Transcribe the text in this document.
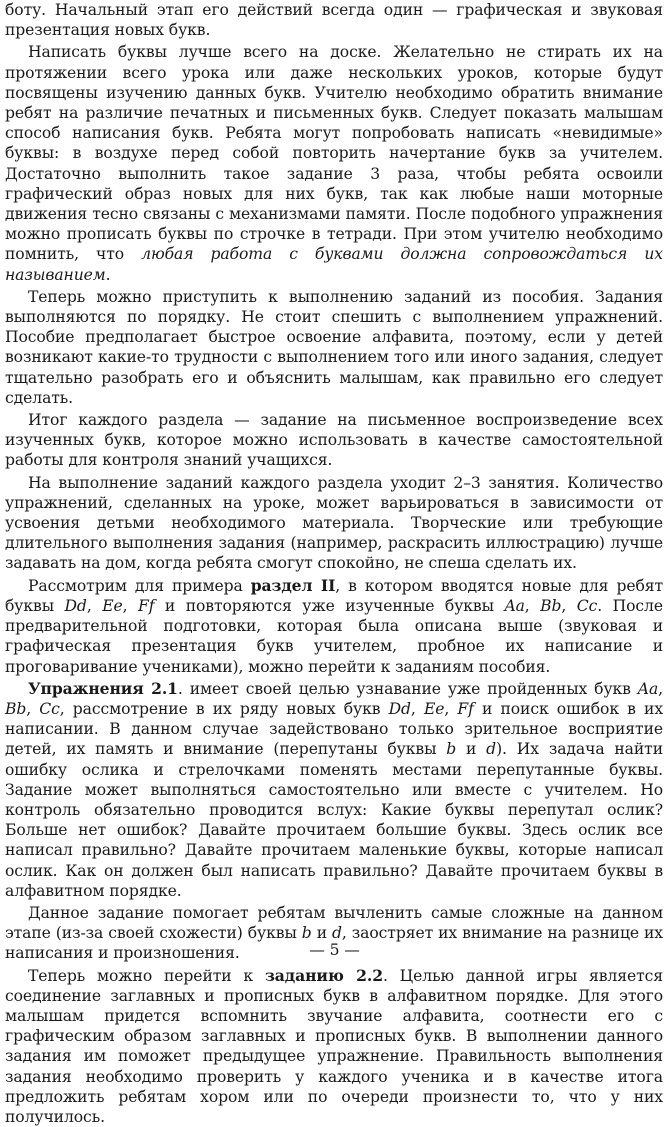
боту. Начальный этап его действий всегда один — графическая и звуковая презентация новых букв.

Написать буквы лучше всего на доске. Желательно не стирать их на протяжении всего урока или даже нескольких уроков, которые будут посвящены изучению данных букв. Учителю необходимо обратить внимание ребят на различие печатных и письменных букв. Следует показать малышам способ написания букв. Ребята могут попробовать написать «невидимые» буквы: в воздухе перед собой повторить начертание букв за учителем. Достаточно выполнить такое задание 3 раза, чтобы ребята освоили графический образ новых для них букв, так как любые наши моторные движения тесно связаны с механизмами памяти. После подобного упражнения можно прописать буквы по строчке в тетради. При этом учителю необходимо помнить, что любая работа с буквами должна сопровождаться их называнием.

Теперь можно приступить к выполнению заданий из пособия. Задания выполняются по порядку. Не стоит спешить с выполнением упражнений. Пособие предполагает быстрое освоение алфавита, поэтому, если у детей возникают какие-то трудности с выполнением того или иного задания, следует тщательно разобрать его и объяснить малышам, как правильно его следует сделать.

Итог каждого раздела — задание на письменное воспроизведение всех изученных букв, которое можно использовать в качестве самостоятельной работы для контроля знаний учащихся.

На выполнение заданий каждого раздела уходит 2–3 занятия. Количество упражнений, сделанных на уроке, может варьироваться в зависимости от усвоения детьми необходимого материала. Творческие или требующие длительного выполнения задания (например, раскрасить иллюстрацию) лучше задавать на дом, когда ребята смогут спокойно, не спеша сделать их.

Рассмотрим для примера раздел II, в котором вводятся новые для ребят буквы Dd, Ee, Ff и повторяются уже изученные буквы Aa, Bb, Cc. После предварительной подготовки, которая была описана выше (звуковая и графическая презентация букв учителем, пробное их написание и проговаривание учениками), можно перейти к заданиям пособия.

Упражнения 2.1. имеет своей целью узнавание уже пройденных букв Aa, Bb, Cc, рассмотрение в их ряду новых букв Dd, Ee, Ff и поиск ошибок в их написании. В данном случае задействовано только зрительное восприятие детей, их память и внимание (перепутаны буквы b и d). Их задача найти ошибку ослика и стрелочками поменять местами перепутанные буквы. Задание может выполняться самостоятельно или вместе с учителем. Но контроль обязательно проводится вслух: Какие буквы перепутал ослик? Больше нет ошибок? Давайте прочитаем большие буквы. Здесь ослик все написал правильно? Давайте прочитаем маленькие буквы, которые написал ослик. Как он должен был написать правильно? Давайте прочитаем буквы в алфавитном порядке.

Данное задание помогает ребятам вычленить самые сложные на данном этапе (из-за своей схожести) буквы b и d, заостряет их внимание на разнице их написания и произношения.

Теперь можно перейти к заданию 2.2. Целью данной игры является соединение заглавных и прописных букв в алфавитном порядке. Для этого малышам придется вспомнить звучание алфавита, соотнести его с графическим образом заглавных и прописных букв. В выполнении данного задания им поможет предыдущее упражнение. Правильность выполнения задания необходимо проверить у каждого ученика и в качестве итога предложить ребятам хором или по очереди произнести то, что у них получилось.

— 5 —
